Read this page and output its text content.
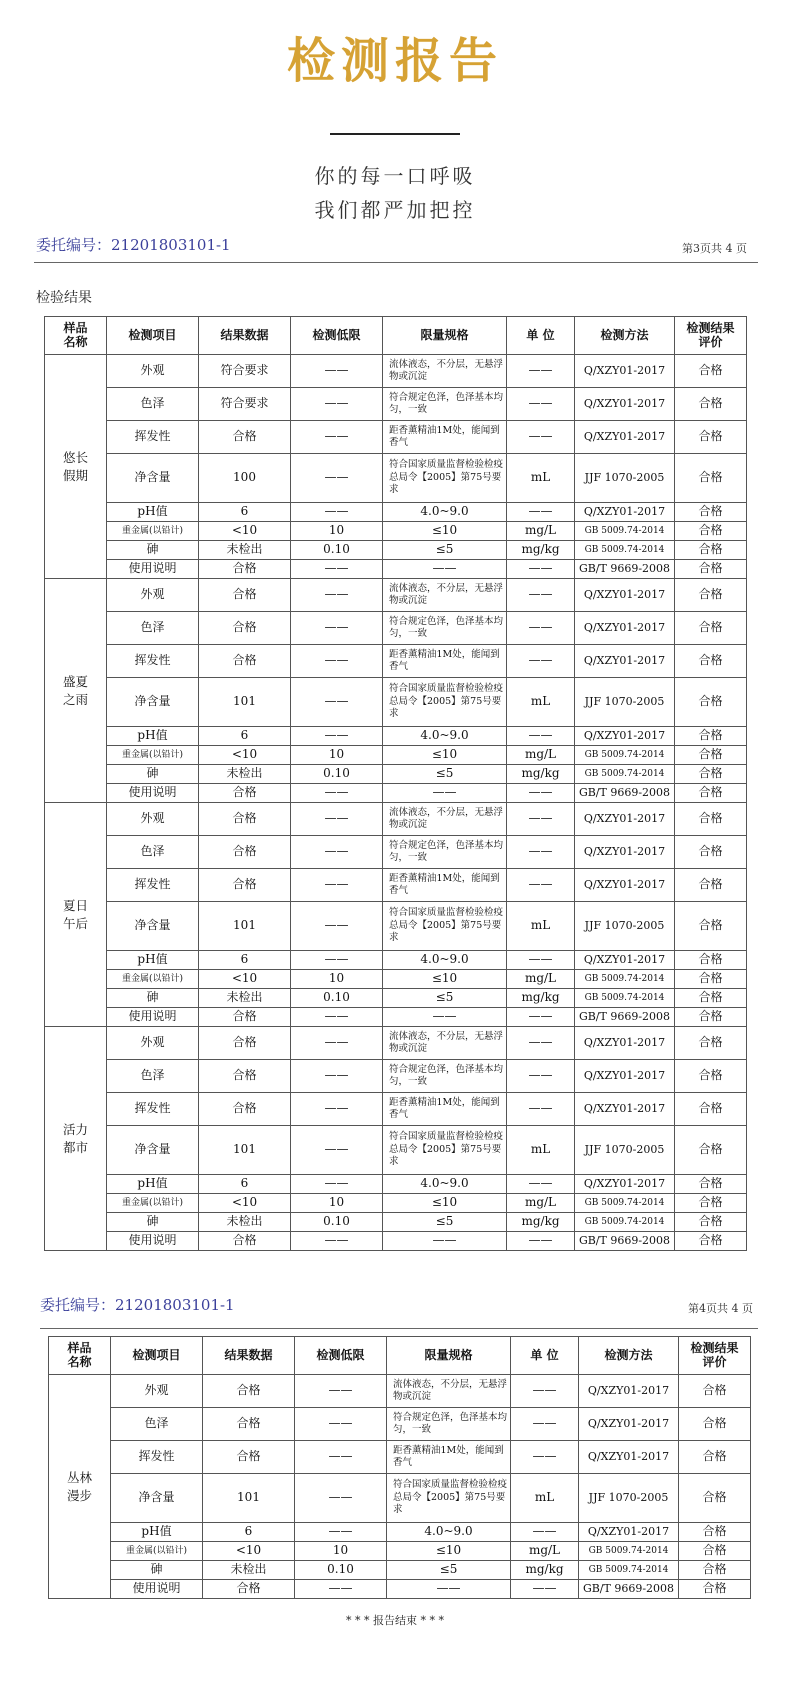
检测报告
你的每一口呼吸
我们都严加把控
委托编号：21201803101-1	第3页共 4 页
检验结果
样品
名称	检测项目	结果数据	检测低限	限量规格	单 位	检测方法	检测结果
评价
悠长
假期	外观	符合要求	——	流体液态，不分层，无悬浮物或沉淀	——	Q/XZY01-2017	合格
	色泽	符合要求	——	符合规定色泽，色泽基本均匀，一致	——	Q/XZY01-2017	合格
	挥发性	合格	——	距香薰精油1M处，能闻到香气	——	Q/XZY01-2017	合格
	净含量	100	——	符合国家质量监督检验检疫总局令【2005】第75号要求	mL	JJF 1070-2005	合格
	pH值	6	——	4.0~9.0	——	Q/XZY01-2017	合格
	重金属(以铅计)	<10	10	≤10	mg/L	GB 5009.74-2014	合格
	砷	未检出	0.10	≤5	mg/kg	GB 5009.74-2014	合格
	使用说明	合格	——	——	——	GB/T 9669-2008	合格
盛夏
之雨	外观	合格	——	流体液态，不分层，无悬浮物或沉淀	——	Q/XZY01-2017	合格
	色泽	合格	——	符合规定色泽，色泽基本均匀，一致	——	Q/XZY01-2017	合格
	挥发性	合格	——	距香薰精油1M处，能闻到香气	——	Q/XZY01-2017	合格
	净含量	101	——	符合国家质量监督检验检疫总局令【2005】第75号要求	mL	JJF 1070-2005	合格
	pH值	6	——	4.0~9.0	——	Q/XZY01-2017	合格
	重金属(以铅计)	<10	10	≤10	mg/L	GB 5009.74-2014	合格
	砷	未检出	0.10	≤5	mg/kg	GB 5009.74-2014	合格
	使用说明	合格	——	——	——	GB/T 9669-2008	合格
夏日
午后	外观	合格	——	流体液态，不分层，无悬浮物或沉淀	——	Q/XZY01-2017	合格
	色泽	合格	——	符合规定色泽，色泽基本均匀，一致	——	Q/XZY01-2017	合格
	挥发性	合格	——	距香薰精油1M处，能闻到香气	——	Q/XZY01-2017	合格
	净含量	101	——	符合国家质量监督检验检疫总局令【2005】第75号要求	mL	JJF 1070-2005	合格
	pH值	6	——	4.0~9.0	——	Q/XZY01-2017	合格
	重金属(以铅计)	<10	10	≤10	mg/L	GB 5009.74-2014	合格
	砷	未检出	0.10	≤5	mg/kg	GB 5009.74-2014	合格
	使用说明	合格	——	——	——	GB/T 9669-2008	合格
活力
都市	外观	合格	——	流体液态，不分层，无悬浮物或沉淀	——	Q/XZY01-2017	合格
	色泽	合格	——	符合规定色泽，色泽基本均匀，一致	——	Q/XZY01-2017	合格
	挥发性	合格	——	距香薰精油1M处，能闻到香气	——	Q/XZY01-2017	合格
	净含量	101	——	符合国家质量监督检验检疫总局令【2005】第75号要求	mL	JJF 1070-2005	合格
	pH值	6	——	4.0~9.0	——	Q/XZY01-2017	合格
	重金属(以铅计)	<10	10	≤10	mg/L	GB 5009.74-2014	合格
	砷	未检出	0.10	≤5	mg/kg	GB 5009.74-2014	合格
	使用说明	合格	——	——	——	GB/T 9669-2008	合格
委托编号：21201803101-1	第4页共 4 页
样品
名称	检测项目	结果数据	检测低限	限量规格	单 位	检测方法	检测结果
评价
丛林
漫步	外观	合格	——	流体液态，不分层，无悬浮物或沉淀	——	Q/XZY01-2017	合格
	色泽	合格	——	符合规定色泽，色泽基本均匀，一致	——	Q/XZY01-2017	合格
	挥发性	合格	——	距香薰精油1M处，能闻到香气	——	Q/XZY01-2017	合格
	净含量	101	——	符合国家质量监督检验检疫总局令【2005】第75号要求	mL	JJF 1070-2005	合格
	pH值	6	——	4.0~9.0	——	Q/XZY01-2017	合格
	重金属(以铅计)	<10	10	≤10	mg/L	GB 5009.74-2014	合格
	砷	未检出	0.10	≤5	mg/kg	GB 5009.74-2014	合格
	使用说明	合格	——	——	——	GB/T 9669-2008	合格
* * * 报告结束 * * *
